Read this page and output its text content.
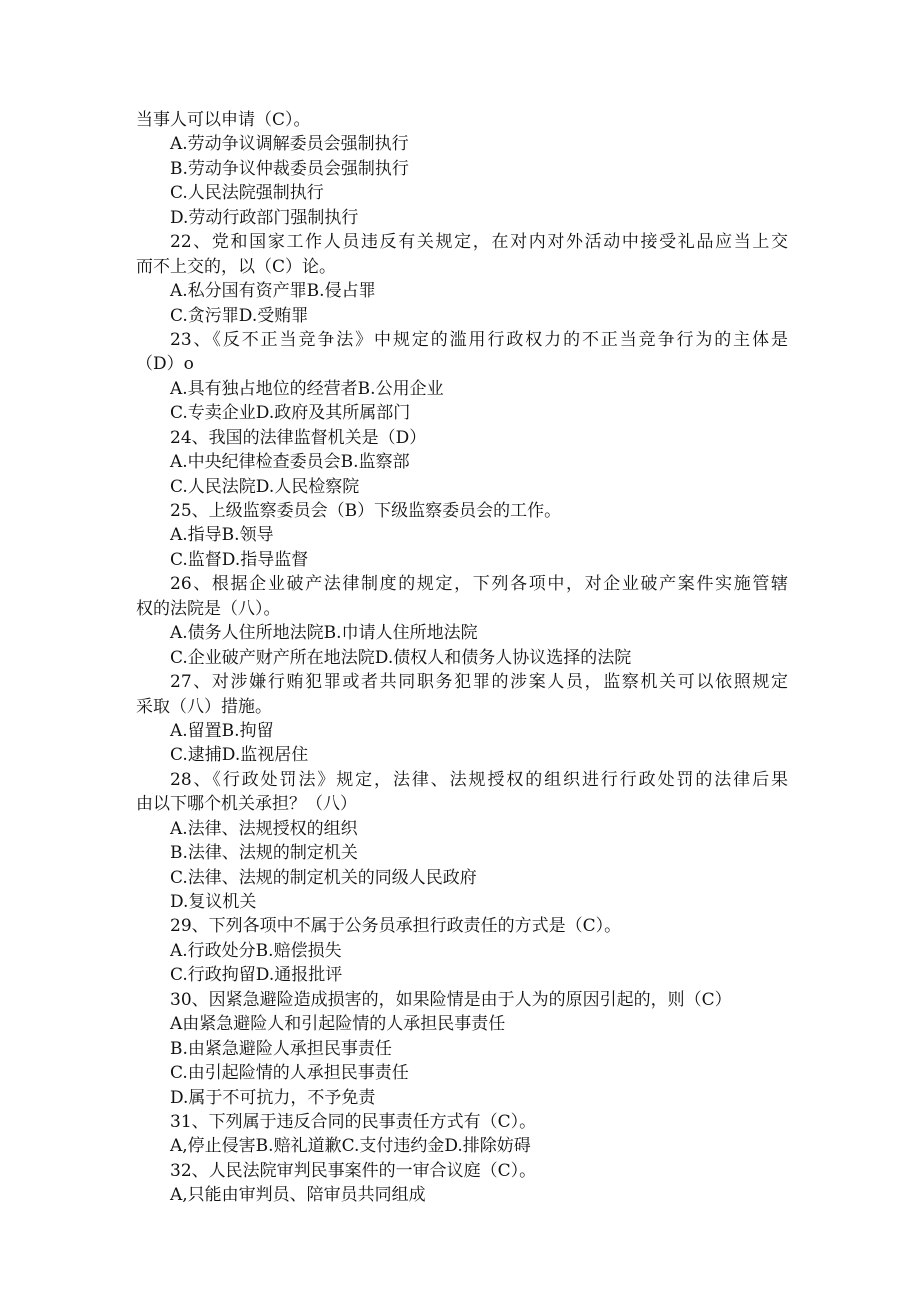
当事人可以申请（C）。
A.劳动争议调解委员会强制执行
B.劳动争议仲裁委员会强制执行
C.人民法院强制执行
D.劳动行政部门强制执行
22、党和国家工作人员违反有关规定，在对内对外活动中接受礼品应当上交
而不上交的，以（C）论。
A.私分国有资产罪B.侵占罪
C.贪污罪D.受贿罪
23、《反不正当竞争法》中规定的滥用行政权力的不正当竞争行为的主体是
（D）o
A.具有独占地位的经营者B.公用企业
C.专卖企业D.政府及其所属部门
24、我国的法律监督机关是（D）
A.中央纪律检查委员会B.监察部
C.人民法院D.人民检察院
25、上级监察委员会（B）下级监察委员会的工作。
A.指导B.领导
C.监督D.指导监督
26、根据企业破产法律制度的规定，下列各项中，对企业破产案件实施管辖
权的法院是（八）。
A.债务人住所地法院B.巾请人住所地法院
C.企业破产财产所在地法院D.债权人和债务人协议选择的法院
27、对涉嫌行贿犯罪或者共同职务犯罪的涉案人员，监察机关可以依照规定
采取（八）措施。
A.留置B.拘留
C.逮捕D.监视居住
28、《行政处罚法》规定，法律、法规授权的组织进行行政处罚的法律后果
由以下哪个机关承担？（八）
A.法律、法规授权的组织
B.法律、法规的制定机关
C.法律、法规的制定机关的同级人民政府
D.复议机关
29、下列各项中不属于公务员承担行政责任的方式是（C）。
A.行政处分B.赔偿损失
C.行政拘留D.通报批评
30、因紧急避险造成损害的，如果险情是由于人为的原因引起的，则（C）
A由紧急避险人和引起险情的人承担民事责任
B.由紧急避险人承担民事责任
C.由引起险情的人承担民事责任
D.属于不可抗力，不予免责
31、下列属于违反合同的民事责任方式有（C）。
A,停止侵害B.赔礼道歉C.支付违约金D.排除妨碍
32、人民法院审判民事案件的一审合议庭（C）。
A,只能由审判员、陪审员共同组成
